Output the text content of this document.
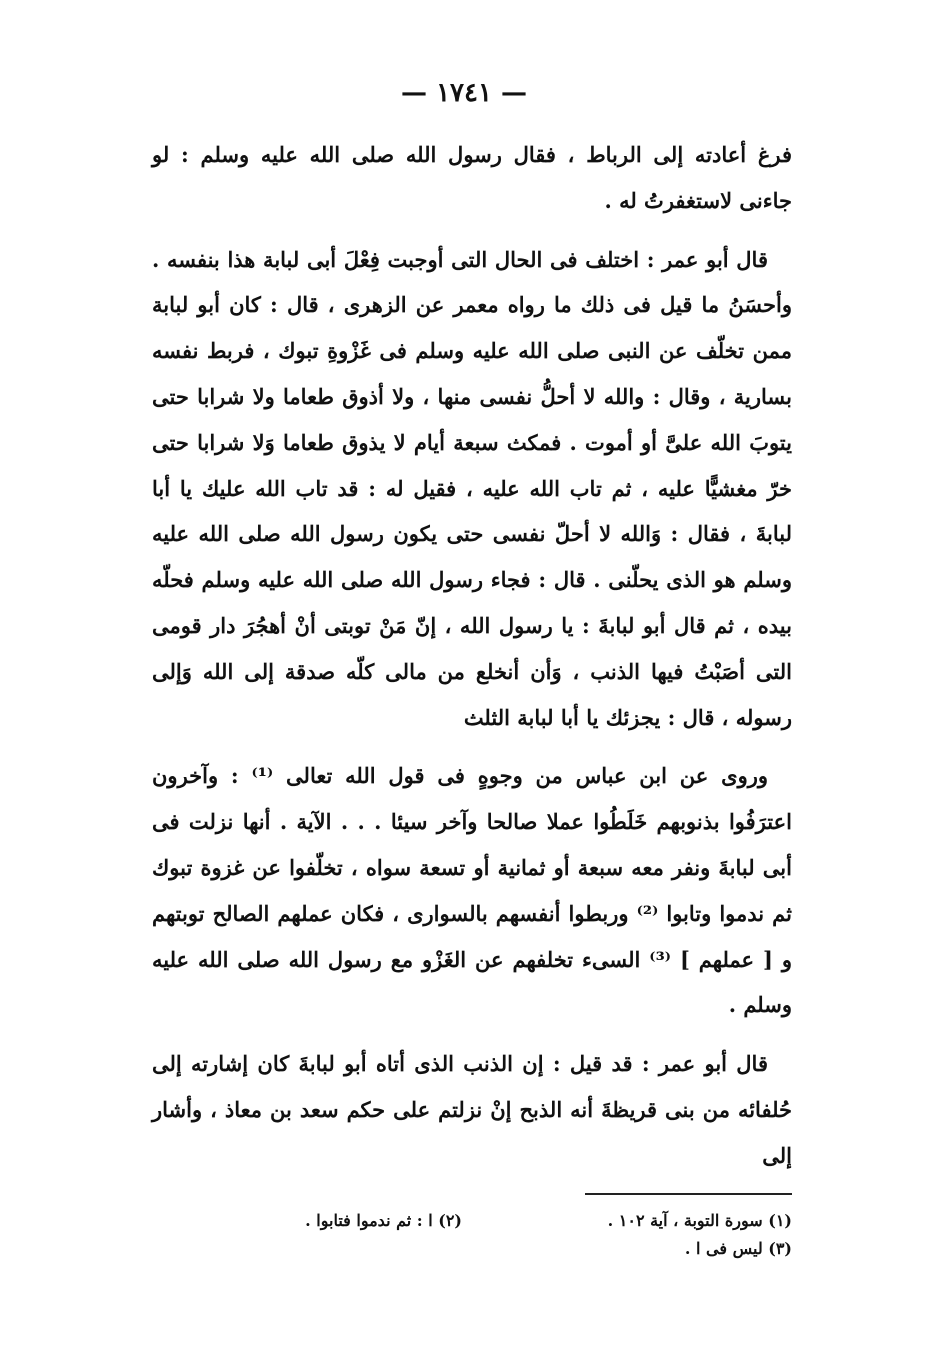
— ١٧٤١ —

فرغ أعادته إلى الرباط ، فقال رسول الله صلى الله عليه وسلم : لو جاءنى لاستغفرتُ له .

قال أبو عمر : اختلف فى الحال التى أوجبت فِعْلَ أبى لبابة هذا بنفسه . وأحسَنُ ما قيل فى ذلك ما رواه معمر عن الزهرى ، قال : كان أبو لبابة ممن تخلّف عن النبى صلى الله عليه وسلم فى غَزْوةِ تبوك ، فربط نفسه بسارية ، وقال : والله لا أحلُّ نفسى منها ، ولا أذوق طعاما ولا شرابا حتى يتوبَ الله علىَّ أو أموت . فمكث سبعة أيام لا يذوق طعاما وَلا شرابا حتى خرّ مغشيًّا عليه ، ثم تاب الله عليه ، فقيل له : قد تاب الله عليك يا أبا لبابةَ ، فقال : وَالله لا أحلّ نفسى حتى يكون رسول الله صلى الله عليه وسلم هو الذى يحلّنى . قال : فجاء رسول الله صلى الله عليه وسلم فحلّه بيده ، ثم قال أبو لبابةَ : يا رسول الله ، إنّ مَنْ توبتى أنْ أهجُرَ دار قومى التى أصَبْتُ فيها الذنب ، وَأن أنخلع من مالى كلّه صدقة إلى الله وَإلى رسوله ، قال : يجزئك يا أبا لبابة الثلث

وروى عن ابن عباس من وجوهٍ فى قول الله تعالى ⁽¹⁾ : وآخرون اعترَفُوا بذنوبهم خَلَطُوا عملا صالحا وآخر سيئا . . . الآية . أنها نزلت فى أبى لبابةَ ونفر معه سبعة أو ثمانية أو تسعة سواه ، تخلّفوا عن غزوة تبوك ثم ندموا وتابوا ⁽²⁾ وربطوا أنفسهم بالسوارى ، فكان عملهم الصالح توبتهم و [ عملهم ] ⁽³⁾ السىء تخلفهم عن الغَزْو مع رسول الله صلى الله عليه وسلم .

قال أبو عمر : قد قيل : إن الذنب الذى أتاه أبو لبابةَ كان إشارته إلى حُلفائه من بنى قريظةَ أنه الذبح إنْ نزلتم على حكم سعد بن معاذ ، وأشار إلى

(١) سورة التوبة ، آية ١٠٢ .
(٢) ا : ثم ندموا فتابوا .
(٣) ليس فى ا .
